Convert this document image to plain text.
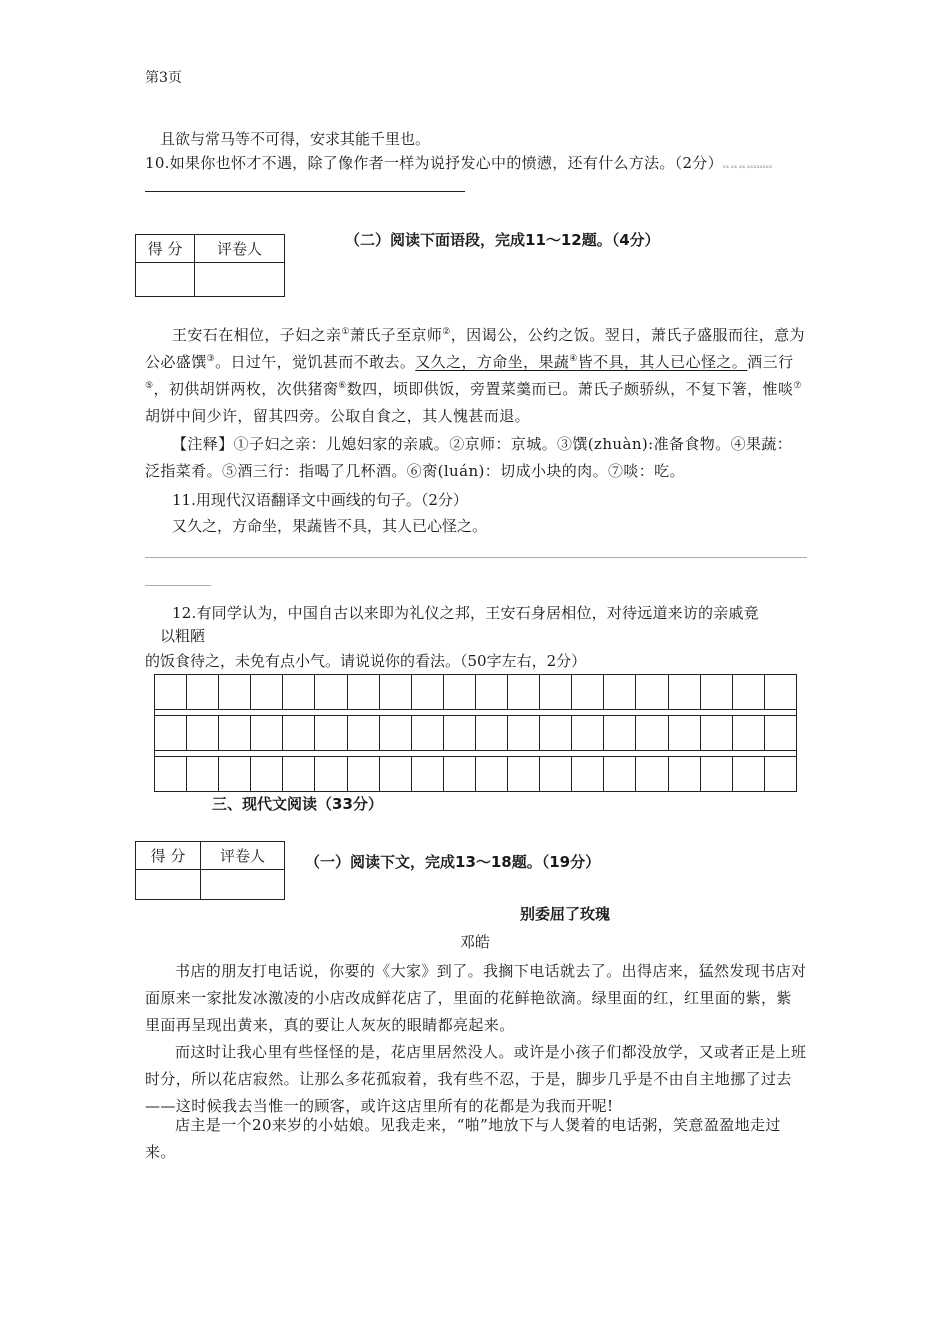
第3页
且欲与常马等不可得，安求其能千里也。
10.如果你也怀才不遇，除了像作者一样为说抒发心中的愤懑，还有什么方法。（2分）xx.xx,xx,xxxxxxxx
得 分	评卷人
		（二）阅读下面语段，完成11～12题。（4分）
王安石在相位，子妇之亲①萧氏子至京师②，因谒公，公约之饭。翌日，萧氏子盛服而往，意为公必盛馔③。日过午，觉饥甚而不敢去。又久之，方命坐，果蔬④皆不具，其人已心怪之。酒三行⑤，初供胡饼两枚，次供猪脔⑥数四，顷即供饭，旁置菜羹而已。萧氏子颇骄纵，不复下箸，惟啖⑦胡饼中间少许，留其四旁。公取自食之，其人愧甚而退。
【注释】①子妇之亲：儿媳妇家的亲戚。②京师：京城。③馔(zhuàn):准备食物。④果蔬：泛指菜肴。⑤酒三行：指喝了几杯酒。⑥脔(luán)：切成小块的肉。⑦啖：吃。
11.用现代汉语翻译文中画线的句子。（2分）
又久之，方命坐，果蔬皆不具，其人已心怪之。
12.有同学认为，中国自古以来即为礼仪之邦，王安石身居相位，对待远道来访的亲戚竟
以粗陋
的饭食待之，未免有点小气。请说说你的看法。（50字左右，2分）
三、现代文阅读（33分）
得 分	评卷人
		（一）阅读下文，完成13～18题。（19分）
别委屈了玫瑰
邓皓
书店的朋友打电话说，你要的《大家》到了。我搁下电话就去了。出得店来，猛然发现书店对面原来一家批发冰激凌的小店改成鲜花店了，里面的花鲜艳欲滴。绿里面的红，红里面的紫，紫里面再呈现出黄来，真的要让人灰灰的眼睛都亮起来。
而这时让我心里有些怪怪的是，花店里居然没人。或许是小孩子们都没放学，又或者正是上班时分，所以花店寂然。让那么多花孤寂着，我有些不忍，于是，脚步几乎是不由自主地挪了过去——这时候我去当惟一的顾客，或许这店里所有的花都是为我而开呢!
店主是一个20来岁的小姑娘。见我走来，“啪”地放下与人煲着的电话粥，笑意盈盈地走过来。
